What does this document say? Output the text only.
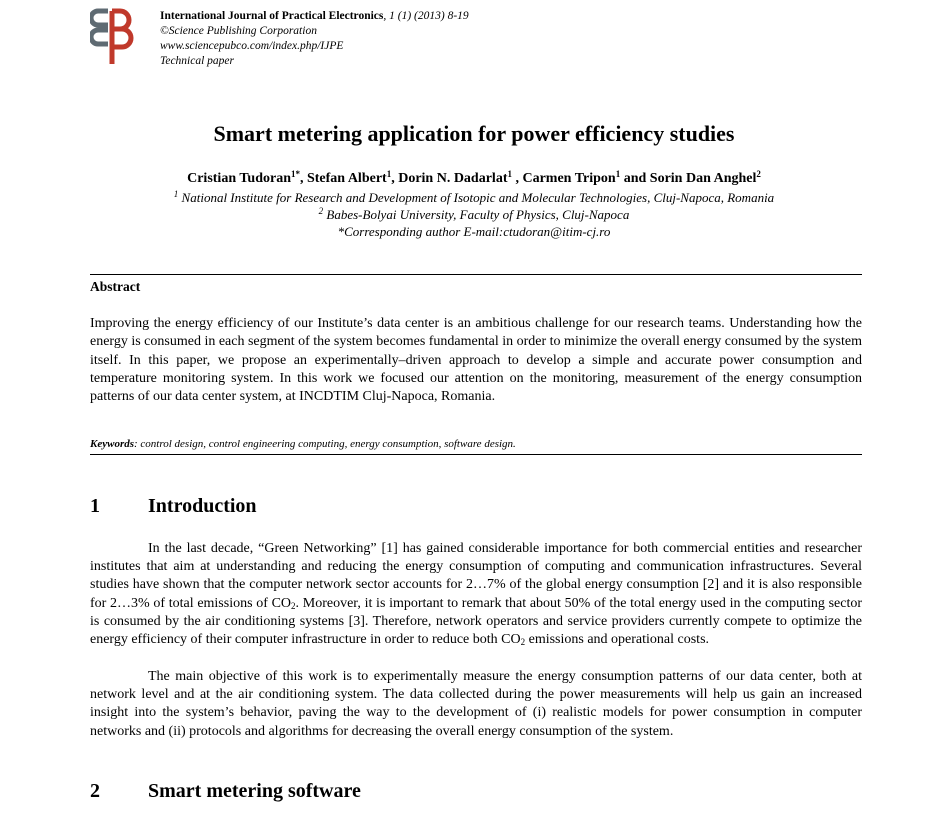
International Journal of Practical Electronics, 1 (1) (2013) 8-19
©Science Publishing Corporation
www.sciencepubco.com/index.php/IJPE
Technical paper
Smart metering application for power efficiency studies
Cristian Tudoran$^{1*}$, Stefan Albert$^1$, Dorin N. Dadarlat$^1$ , Carmen Tripon$^1$ and Sorin Dan Anghel$^2$
$^1$ National Institute for Research and Development of Isotopic and Molecular Technologies, Cluj-Napoca, Romania
$^2$ Babes-Bolyai University, Faculty of Physics, Cluj-Napoca
*Corresponding author E-mail:ctudoran@itim-cj.ro
Abstract
Improving the energy efficiency of our Institute’s data center is an ambitious challenge for our research teams. Understanding how the energy is consumed in each segment of the system becomes fundamental in order to minimize the overall energy consumed by the system itself. In this paper, we propose an experimentally–driven approach to develop a simple and accurate power consumption and temperature monitoring system. In this work we focused our attention on the monitoring, measurement of the energy consumption patterns of our data center system, at INCDTIM Cluj-Napoca, Romania.
Keywords: control design, control engineering computing, energy consumption, software design.
1 Introduction

In the last decade, “Green Networking” [1] has gained considerable importance for both commercial entities and researcher institutes that aim at understanding and reducing the energy consumption of computing and communication infrastructures. Several studies have shown that the computer network sector accounts for 2…7% of the global energy consumption [2] and it is also responsible for 2…3% of total emissions of $CO_2$. Moreover, it is important to remark that about 50% of the total energy used in the computing sector is consumed by the air conditioning systems [3]. Therefore, network operators and service providers currently compete to optimize the energy efficiency of their computer infrastructure in order to reduce both $CO_2$ emissions and operational costs.

The main objective of this work is to experimentally measure the energy consumption patterns of our data center, both at network level and at the air conditioning system. The data collected during the power measurements will help us gain an increased insight into the system’s behavior, paving the way to the development of (i) realistic models for power consumption in computer networks and (ii) protocols and algorithms for decreasing the overall energy consumption of the system.

2 Smart metering software
